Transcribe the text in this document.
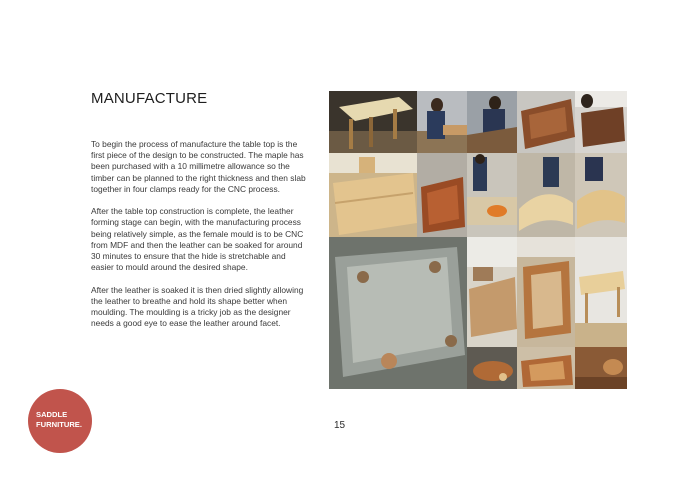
MANUFACTURE

To begin the process of manufacture the table top is the first piece of the design to be constructed. The maple has been purchased with a 10 millimetre allowance so the timber can be planned to the right thickness and then slab together in four clamps ready for the CNC process.

After the table top construction is complete, the leather forming stage can begin, with the manufacturing process being relatively simple, as the female mould is to be CNC from MDF and then the leather can be soaked for around 30 minutes to ensure that the hide is stretchable and easier to mould around the desired shape.

After the leather is soaked it is then dried slightly allowing the leather to breathe and hold its shape better when moulding. The moulding is a tricky job as the designer needs a good eye to ease the leather around facet.

15
SADDLE
FURNITURE.
